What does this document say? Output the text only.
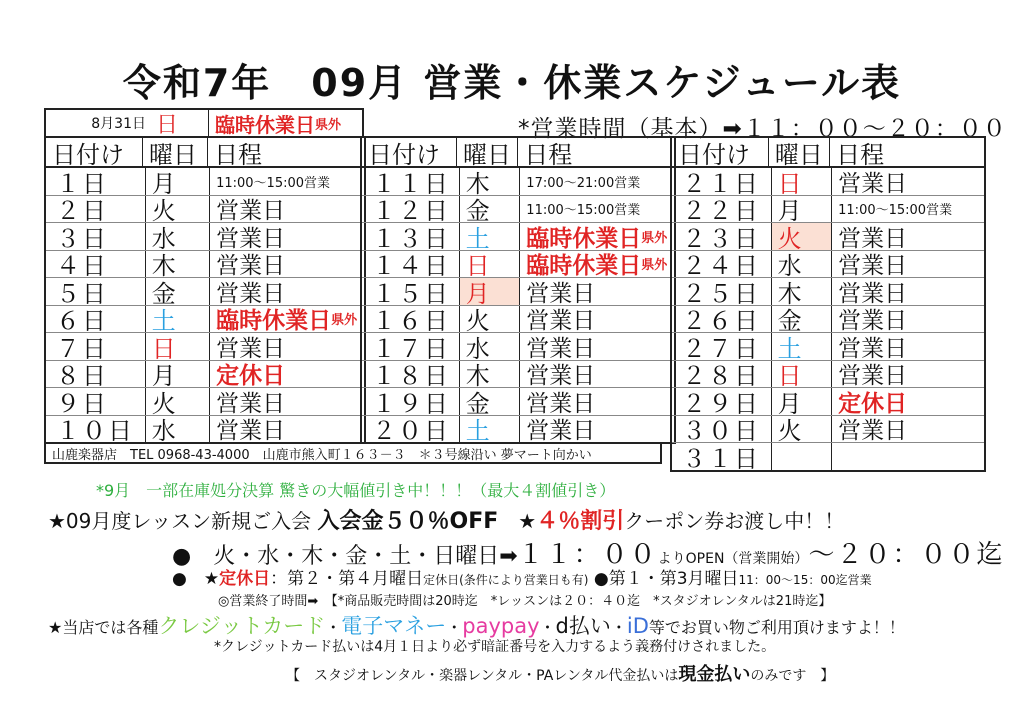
令和7年　09月 営業・休業スケジュール表
8月31日 日	臨時休業日 県外	*営業時間（基本）➡１１：００〜２０：００
日付け	曜日 日程
１日	月	11:00〜15:00営業
２日	火	営業日
３日	水	営業日
４日	木	営業日
５日	金	営業日
６日	土	臨時休業日 県外
７日	日	営業日
８日	月	定休日
９日	火	営業日
１０日 水	営業日
日付け 曜日 日程
１１日 木	17:00〜21:00営業
１２日 金	11:00〜15:00営業
１３日 土	臨時休業日 県外
１４日 日	臨時休業日 県外
１５日 月	営業日
１６日 火	営業日
１７日 水	営業日
１８日 木	営業日
１９日 金	営業日
２０日 土	営業日
日付け	曜日 日程
２１日 日	営業日
２２日 月	11:00〜15:00営業
２３日 火	営業日
２４日 水	営業日
２５日 木	営業日
２６日 金	営業日
２７日 土	営業日
２８日 日	営業日
２９日 月	定休日
３０日 火	営業日
３１日
山鹿楽器店　TEL 0968-43-4000　山鹿市熊入町１６３－３　＊３号線沿い 夢マート向かい
*9月　一部在庫処分決算 驚きの大幅値引き中！！！（最大４割値引き）
★09月度レッスン新規ご入会 入会金５０％OFF　★４％割引クーポン券お渡し中！！
●　火・水・木・金・土・日曜日➡１１：００よりOPEN（営業開始）〜２０：００迄
●　★定休日：第２・第４月曜日定休日(条件により営業日も有) ●第１・第3月曜日11：00〜15：00迄営業
◎営業終了時間➡　【*商品販売時間は20時迄　*レッスンは２０：４０迄　*スタジオレンタルは21時迄】
★当店では各種クレジットカード・電子マネー・paypay・d払い・iD等でお買い物ご利用頂けますよ！！
*クレジットカード払いは4月１日より必ず暗証番号を入力するよう義務付けされました。
【　スタジオレンタル・楽器レンタル・PAレンタル代金払いは現金払いのみです　】
